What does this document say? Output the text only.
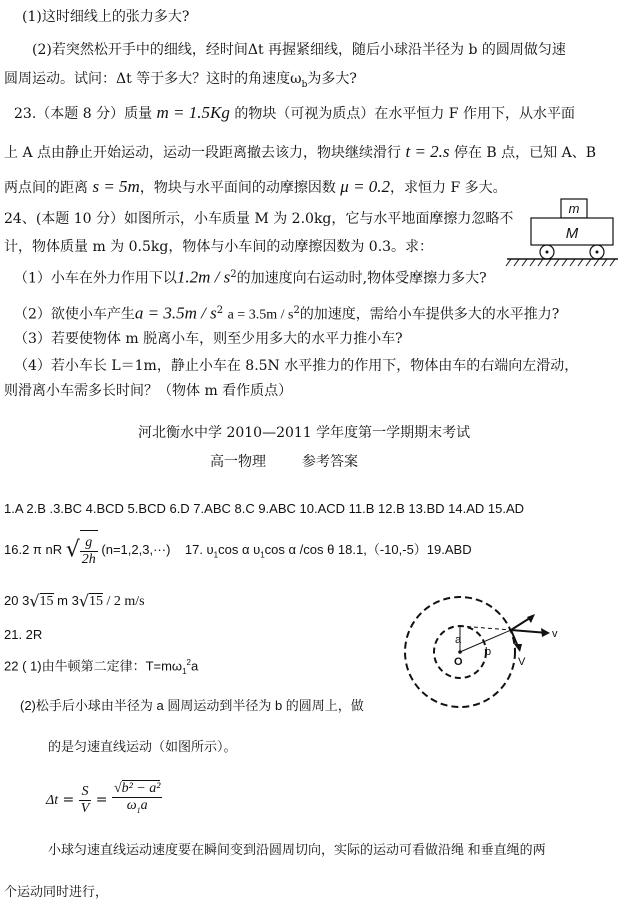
(1)这时细线上的张力多大?
(2)若突然松开手中的细线，经时间Δt 再握紧细线，随后小球沿半径为 b 的圆周做匀速
圆周运动。试问：Δt 等于多大？这时的角速度$\omega_b$为多大?
23.（本题 8 分）质量 m = 1.5Kg 的物块（可视为质点）在水平恒力 F 作用下，从水平面
上 A 点由静止开始运动，运动一段距离撤去该力，物块继续滑行 t = 2.s 停在 B 点，已知 A、B
两点间的距离 s = 5m，物块与水平面间的动摩擦因数 μ = 0.2，求恒力 F 多大。
24、(本题 10 分）如图所示，小车质量 M 为 2.0kg，它与水平地面摩擦力忽略不
计，物体质量 m 为 0.5kg，物体与小车间的动摩擦因数为 0.3。求：
（1）小车在外力作用下以$1.2m / s^2$的加速度向右运动时,物体受摩擦力多大?
（2）欲使小车产生$a = 3.5m / s^2$ $a = 3.5m / s^2$的加速度，需给小车提供多大的水平推力?
（3）若要使物体 m 脱离小车，则至少用多大的水平力推小车?
（4）若小车长 L＝1m，静止小车在 8.5N 水平推力的作用下，物体由车的右端向左滑动，
则滑离小车需多长时间？（物体 m 看作质点）
m
M
河北衡水中学 2010—2011 学年度第一学期期末考试
高一物理	参考答案
1.A 2.B .3.BC 4.BCD 5.BCD 6.D 7.ABC 8.C 9.ABC 10.ACD 11.B 12.B 13.BD 14.AD 15.AD
16.2 π nR √ $\frac{g}{2h} (n=1,2,3,\cdot\cdot\cdot)$ 17. $\upsilon_1\cos$ α $\upsilon_1\cos$ α /cos θ 18.1,（-10,-5）19.ABD
20 3√15 m 3√15 / 2 m/s
21. 2R
22 ( 1)由牛顿第二定律：$T=m\omega_1^2a$
(2)松手后小球由半径为 a 圆周运动到半径为 b 的圆周上，做
的是匀速直线运动（如图所示）。
$\Delta t = \frac{S}{V} = \frac{\text{√b² − a²}}{\omega_1a}$
小球匀速直线运动速度要在瞬间变到沿圆周切向，实际的运动可看做沿绳 和垂直绳的两
个运动同时进行，
a
O
b
v
V
